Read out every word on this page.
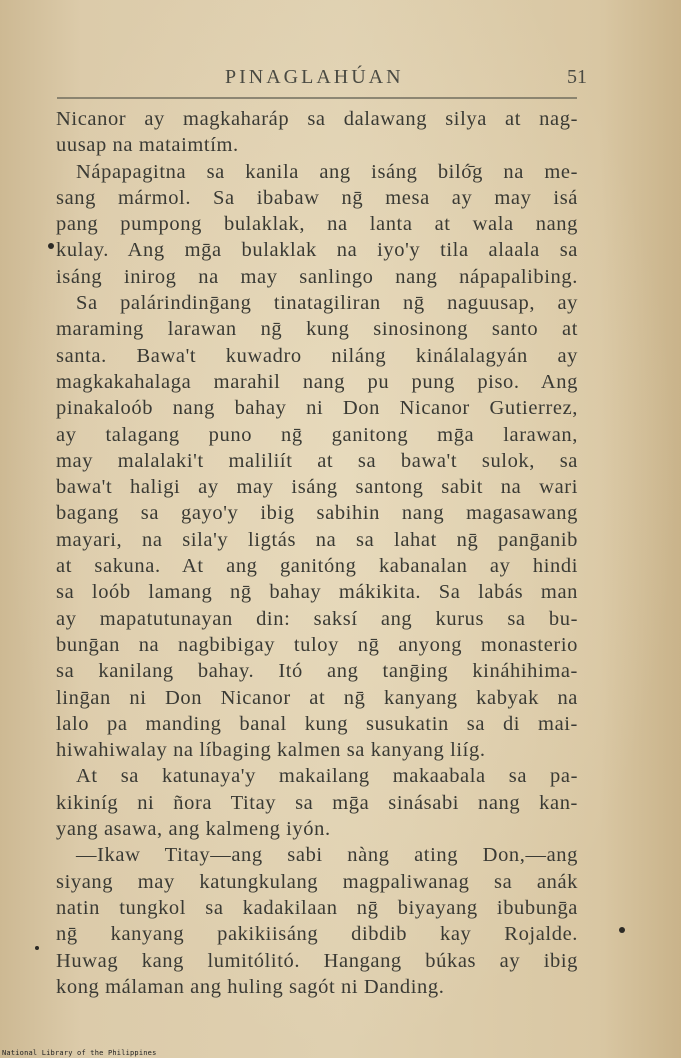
PINAGLAHÚAN	51
Nicanor ay magkaharáp sa dalawang silya at nag-
uusap na mataimtím.
Nápapagitna sa kanila ang isáng biló̄g na me-
sang mármol. Sa ibabaw nḡ mesa ay may isá
pang pumpong bulaklak, na lanta at wala nang
kulay. Ang mḡa bulaklak na iyo'y tila alaala sa
isáng inirog na may sanlingo nang nápapalibing.
Sa palárindinḡang tinatagiliran nḡ naguusap, ay
maraming larawan nḡ kung sinosinong santo at
santa. Bawa't kuwadro niláng kinálalagyán ay
magkakahalaga marahil nang pu pung piso. Ang
pinakaloób nang bahay ni Don Nicanor Gutierrez,
ay talagang puno nḡ ganitong mḡa larawan,
may malalaki't maliliít at sa bawa't sulok, sa
bawa't haligi ay may isáng santong sabit na wari
bagang sa gayo'y ibig sabihin nang magasawang
mayari, na sila'y ligtás na sa lahat nḡ panḡanib
at sakuna. At ang ganitóng kabanalan ay hindi
sa loób lamang nḡ bahay mákikita. Sa labás man
ay mapatutunayan din: saksí ang kurus sa bu-
bunḡan na nagbibigay tuloy nḡ anyong monasterio
sa kanilang bahay. Itó ang tanḡing kináhihima-
linḡan ni Don Nicanor at nḡ kanyang kabyak na
lalo pa manding banal kung susukatin sa di mai-
hiwahiwalay na líbaging kalmen sa kanyang liíg.
At sa katunaya'y makailang makaabala sa pa-
kikiníg ni ñora Titay sa mḡa sinásabi nang kan-
yang asawa, ang kalmeng iyón.
—Ikaw Titay—ang sabi nàng ating Don,—ang
siyang may katungkulang magpaliwanag sa anák
natin tungkol sa kadakilaan nḡ biyayang ibubunḡa
nḡ kanyang pakikiisáng dibdib kay Rojalde.
Huwag kang lumitólitó. Hangang búkas ay ibig
kong málaman ang huling sagót ni Danding.
National Library of the Philippines
